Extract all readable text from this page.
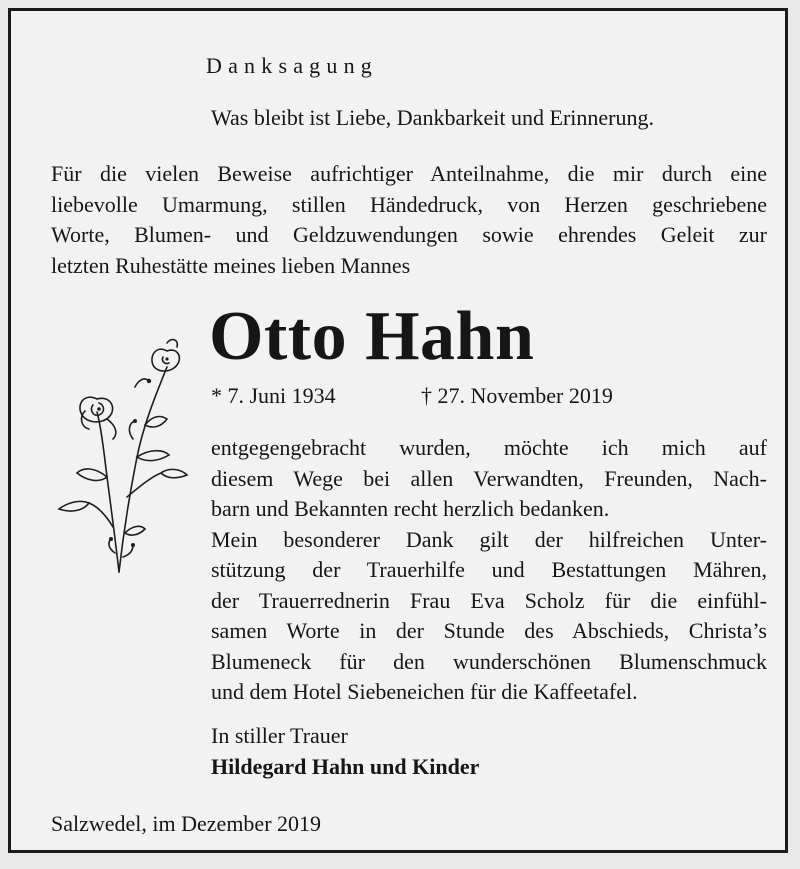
Danksagung
Was bleibt ist Liebe, Dankbarkeit und Erinnerung.
Für die vielen Beweise aufrichtiger Anteilnahme, die mir durch eine
liebevolle Umarmung, stillen Händedruck, von Herzen geschriebene
Worte, Blumen- und Geldzuwendungen sowie ehrendes Geleit zur
letzten Ruhestätte meines lieben Mannes
Otto Hahn
* 7. Juni 1934	† 27. November 2019
entgegengebracht wurden, möchte ich mich auf
diesem Wege bei allen Verwandten, Freunden, Nach-
barn und Bekannten recht herzlich bedanken.
Mein besonderer Dank gilt der hilfreichen Unter-
stützung der Trauerhilfe und Bestattungen Mähren,
der Trauerrednerin Frau Eva Scholz für die einfühl-
samen Worte in der Stunde des Abschieds, Christa’s
Blumeneck für den wunderschönen Blumenschmuck
und dem Hotel Siebeneichen für die Kaffeetafel.
In stiller Trauer
Hildegard Hahn und Kinder
Salzwedel, im Dezember 2019
